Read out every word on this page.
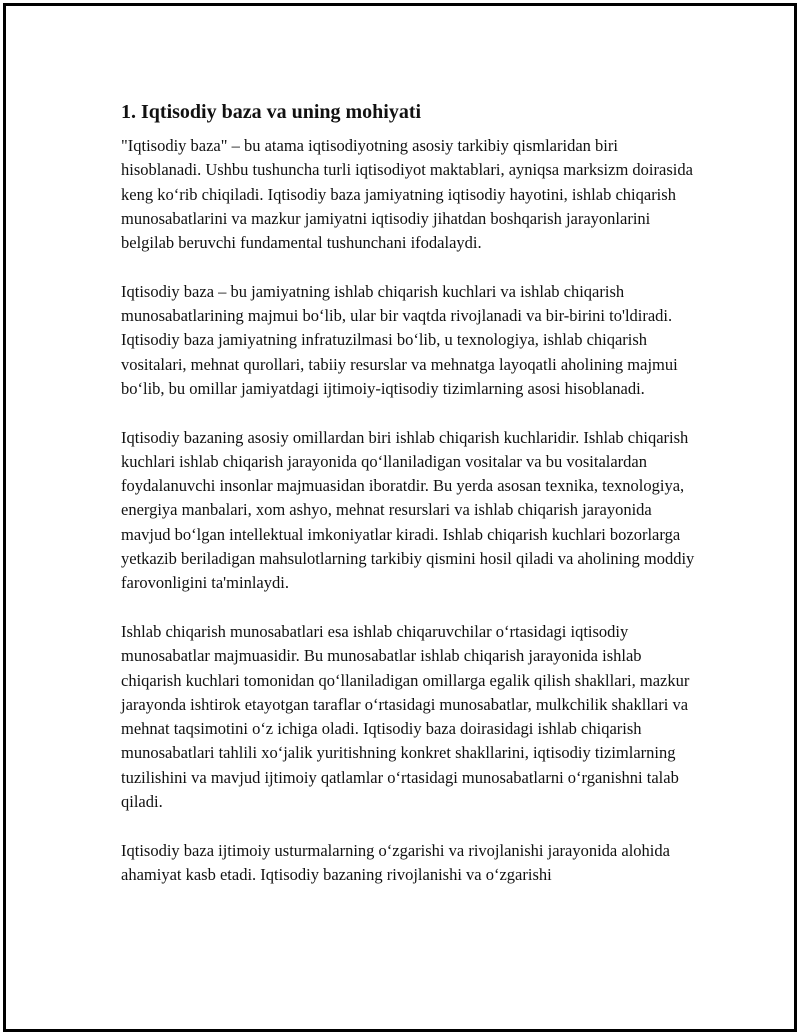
1. Iqtisodiy baza va uning mohiyati

"Iqtisodiy baza" – bu atama iqtisodiyotning asosiy tarkibiy qismlaridan biri hisoblanadi. Ushbu tushuncha turli iqtisodiyot maktablari, ayniqsa marksizm doirasida keng koʻrib chiqiladi. Iqtisodiy baza jamiyatning iqtisodiy hayotini, ishlab chiqarish munosabatlarini va mazkur jamiyatni iqtisodiy jihatdan boshqarish jarayonlarini belgilab beruvchi fundamental tushunchani ifodalaydi.

Iqtisodiy baza – bu jamiyatning ishlab chiqarish kuchlari va ishlab chiqarish munosabatlarining majmui boʻlib, ular bir vaqtda rivojlanadi va bir-birini to'ldiradi. Iqtisodiy baza jamiyatning infratuzilmasi boʻlib, u texnologiya, ishlab chiqarish vositalari, mehnat qurollari, tabiiy resurslar va mehnatga layoqatli aholining majmui boʻlib, bu omillar jamiyatdagi ijtimoiy-iqtisodiy tizimlarning asosi hisoblanadi.

Iqtisodiy bazaning asosiy omillardan biri ishlab chiqarish kuchlaridir. Ishlab chiqarish kuchlari ishlab chiqarish jarayonida qoʻllaniladigan vositalar va bu vositalardan foydalanuvchi insonlar majmuasidan iboratdir. Bu yerda asosan texnika, texnologiya, energiya manbalari, xom ashyo, mehnat resurslari va ishlab chiqarish jarayonida mavjud boʻlgan intellektual imkoniyatlar kiradi. Ishlab chiqarish kuchlari bozorlarga yetkazib beriladigan mahsulotlarning tarkibiy qismini hosil qiladi va aholining moddiy farovonligini ta'minlaydi.

Ishlab chiqarish munosabatlari esa ishlab chiqaruvchilar oʻrtasidagi iqtisodiy munosabatlar majmuasidir. Bu munosabatlar ishlab chiqarish jarayonida ishlab chiqarish kuchlari tomonidan qoʻllaniladigan omillarga egalik qilish shakllari, mazkur jarayonda ishtirok etayotgan taraflar oʻrtasidagi munosabatlar, mulkchilik shakllari va mehnat taqsimotini oʻz ichiga oladi. Iqtisodiy baza doirasidagi ishlab chiqarish munosabatlari tahlili xoʻjalik yuritishning konkret shakllarini, iqtisodiy tizimlarning tuzilishini va mavjud ijtimoiy qatlamlar oʻrtasidagi munosabatlarni oʻrganishni talab qiladi.

Iqtisodiy baza ijtimoiy usturmalarning oʻzgarishi va rivojlanishi jarayonida alohida ahamiyat kasb etadi. Iqtisodiy bazaning rivojlanishi va oʻzgarishi
